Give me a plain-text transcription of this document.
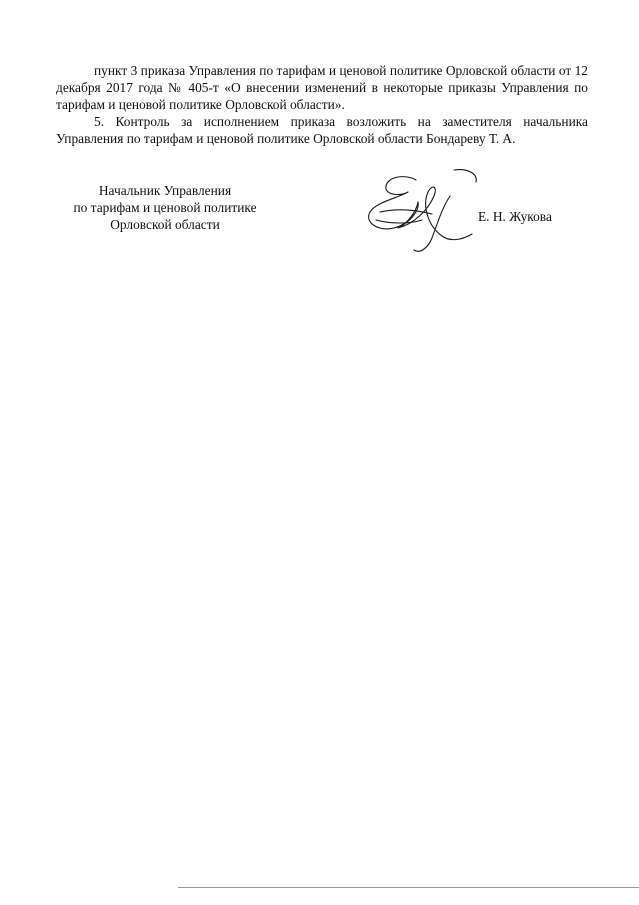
пункт 3 приказа Управления по тарифам и ценовой политике Орловской области от 12 декабря 2017 года № 405-т «О внесении изменений в некоторые приказы Управления по тарифам и ценовой политике Орловской области».

5. Контроль за исполнением приказа возложить на заместителя начальника Управления по тарифам и ценовой политике Орловской области Бондареву Т. А.

Начальник Управления
по тарифам и ценовой политике
Орловской области
Е. Н. Жукова
